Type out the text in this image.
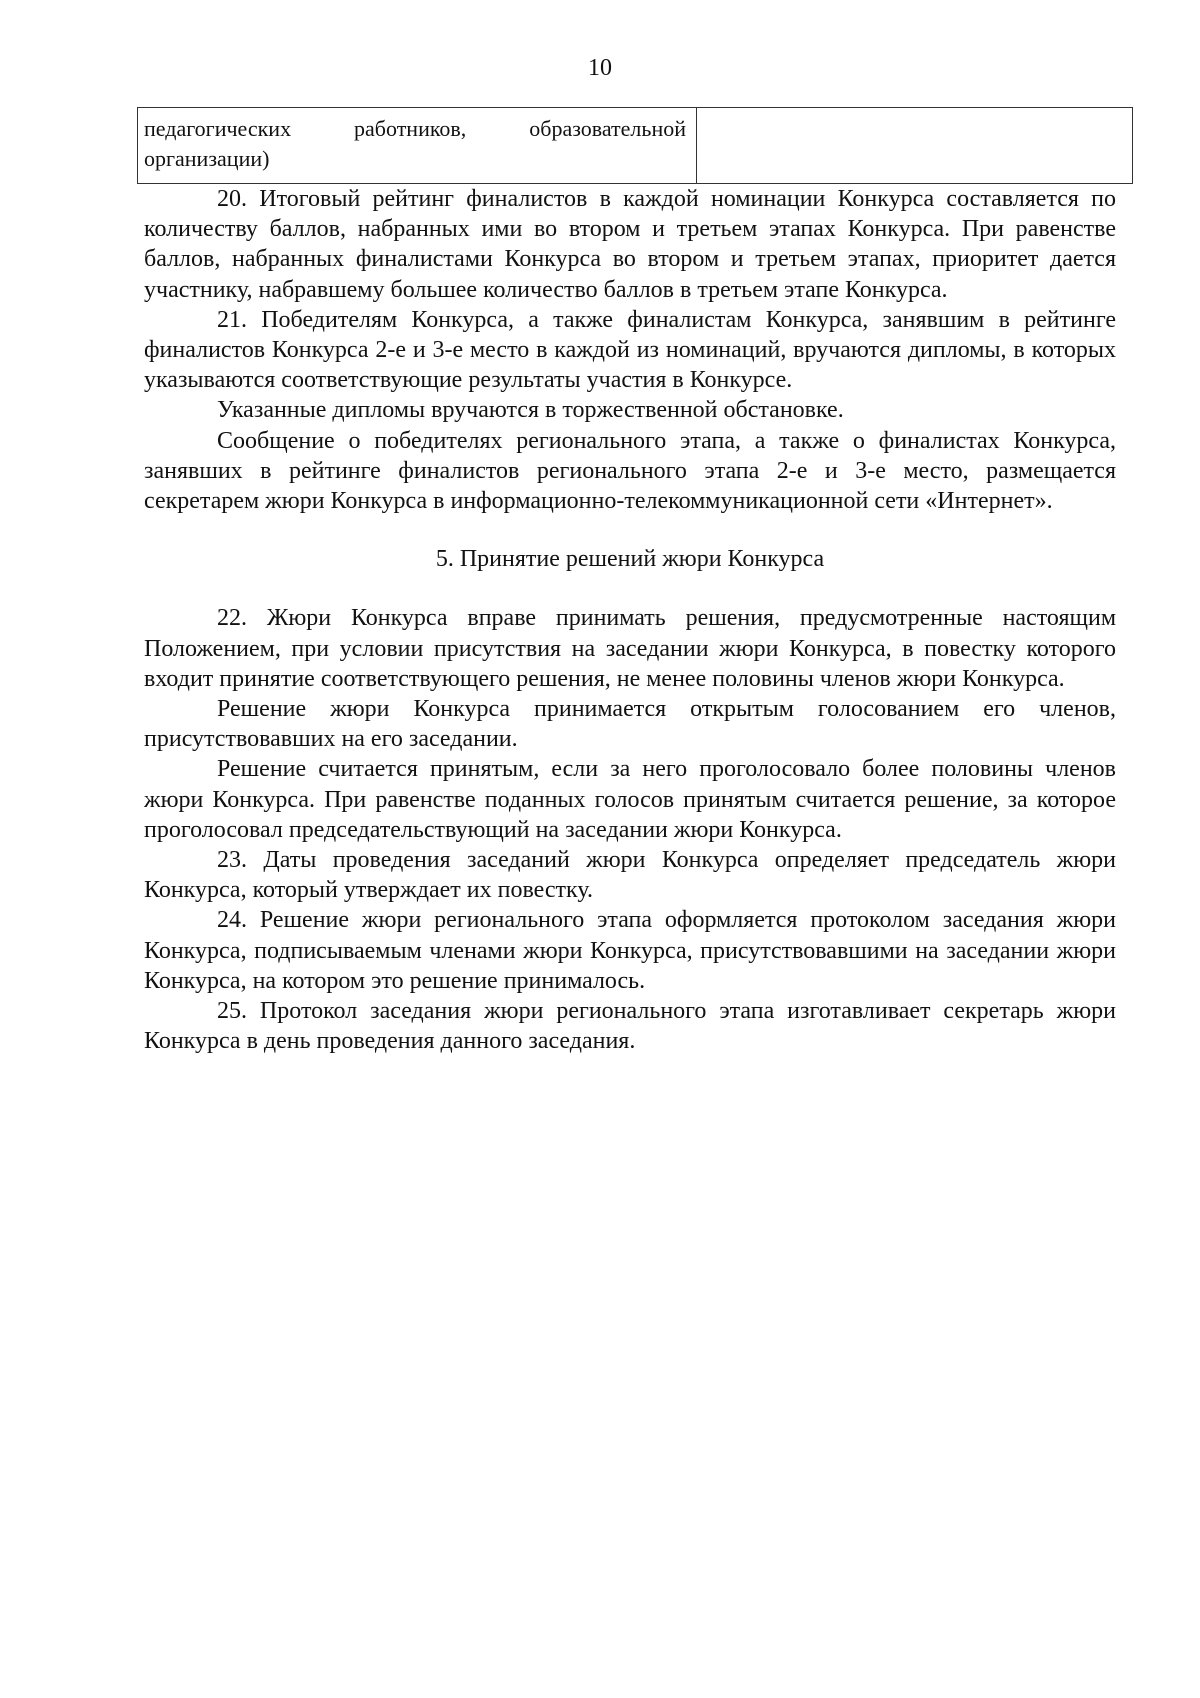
10
педагогических работников, образовательной организации)	

20. Итоговый рейтинг финалистов в каждой номинации Конкурса составляется по количеству баллов, набранных ими во втором и третьем этапах Конкурса. При равенстве баллов, набранных финалистами Конкурса во втором и третьем этапах, приоритет дается участнику, набравшему большее количество баллов в третьем этапе Конкурса.

21. Победителям Конкурса, а также финалистам Конкурса, занявшим в рейтинге финалистов Конкурса 2-е и 3-е место в каждой из номинаций, вручаются дипломы, в которых указываются соответствующие результаты участия в Конкурсе.

Указанные дипломы вручаются в торжественной обстановке.

Сообщение о победителях регионального этапа, а также о финалистах Конкурса, занявших в рейтинге финалистов регионального этапа 2-е и 3-е место, размещается секретарем жюри Конкурса в информационно-телекоммуникационной сети «Интернет».

5. Принятие решений жюри Конкурса

22. Жюри Конкурса вправе принимать решения, предусмотренные настоящим Положением, при условии присутствия на заседании жюри Конкурса, в повестку которого входит принятие соответствующего решения, не менее половины членов жюри Конкурса.

Решение жюри Конкурса принимается открытым голосованием его членов, присутствовавших на его заседании.

Решение считается принятым, если за него проголосовало более половины членов жюри Конкурса. При равенстве поданных голосов принятым считается решение, за которое проголосовал председательствующий на заседании жюри Конкурса.

23. Даты проведения заседаний жюри Конкурса определяет председатель жюри Конкурса, который утверждает их повестку.

24. Решение жюри регионального этапа оформляется протоколом заседания жюри Конкурса, подписываемым членами жюри Конкурса, присутствовавшими на заседании жюри Конкурса, на котором это решение принималось.

25. Протокол заседания жюри регионального этапа изготавливает секретарь жюри Конкурса в день проведения данного заседания.
